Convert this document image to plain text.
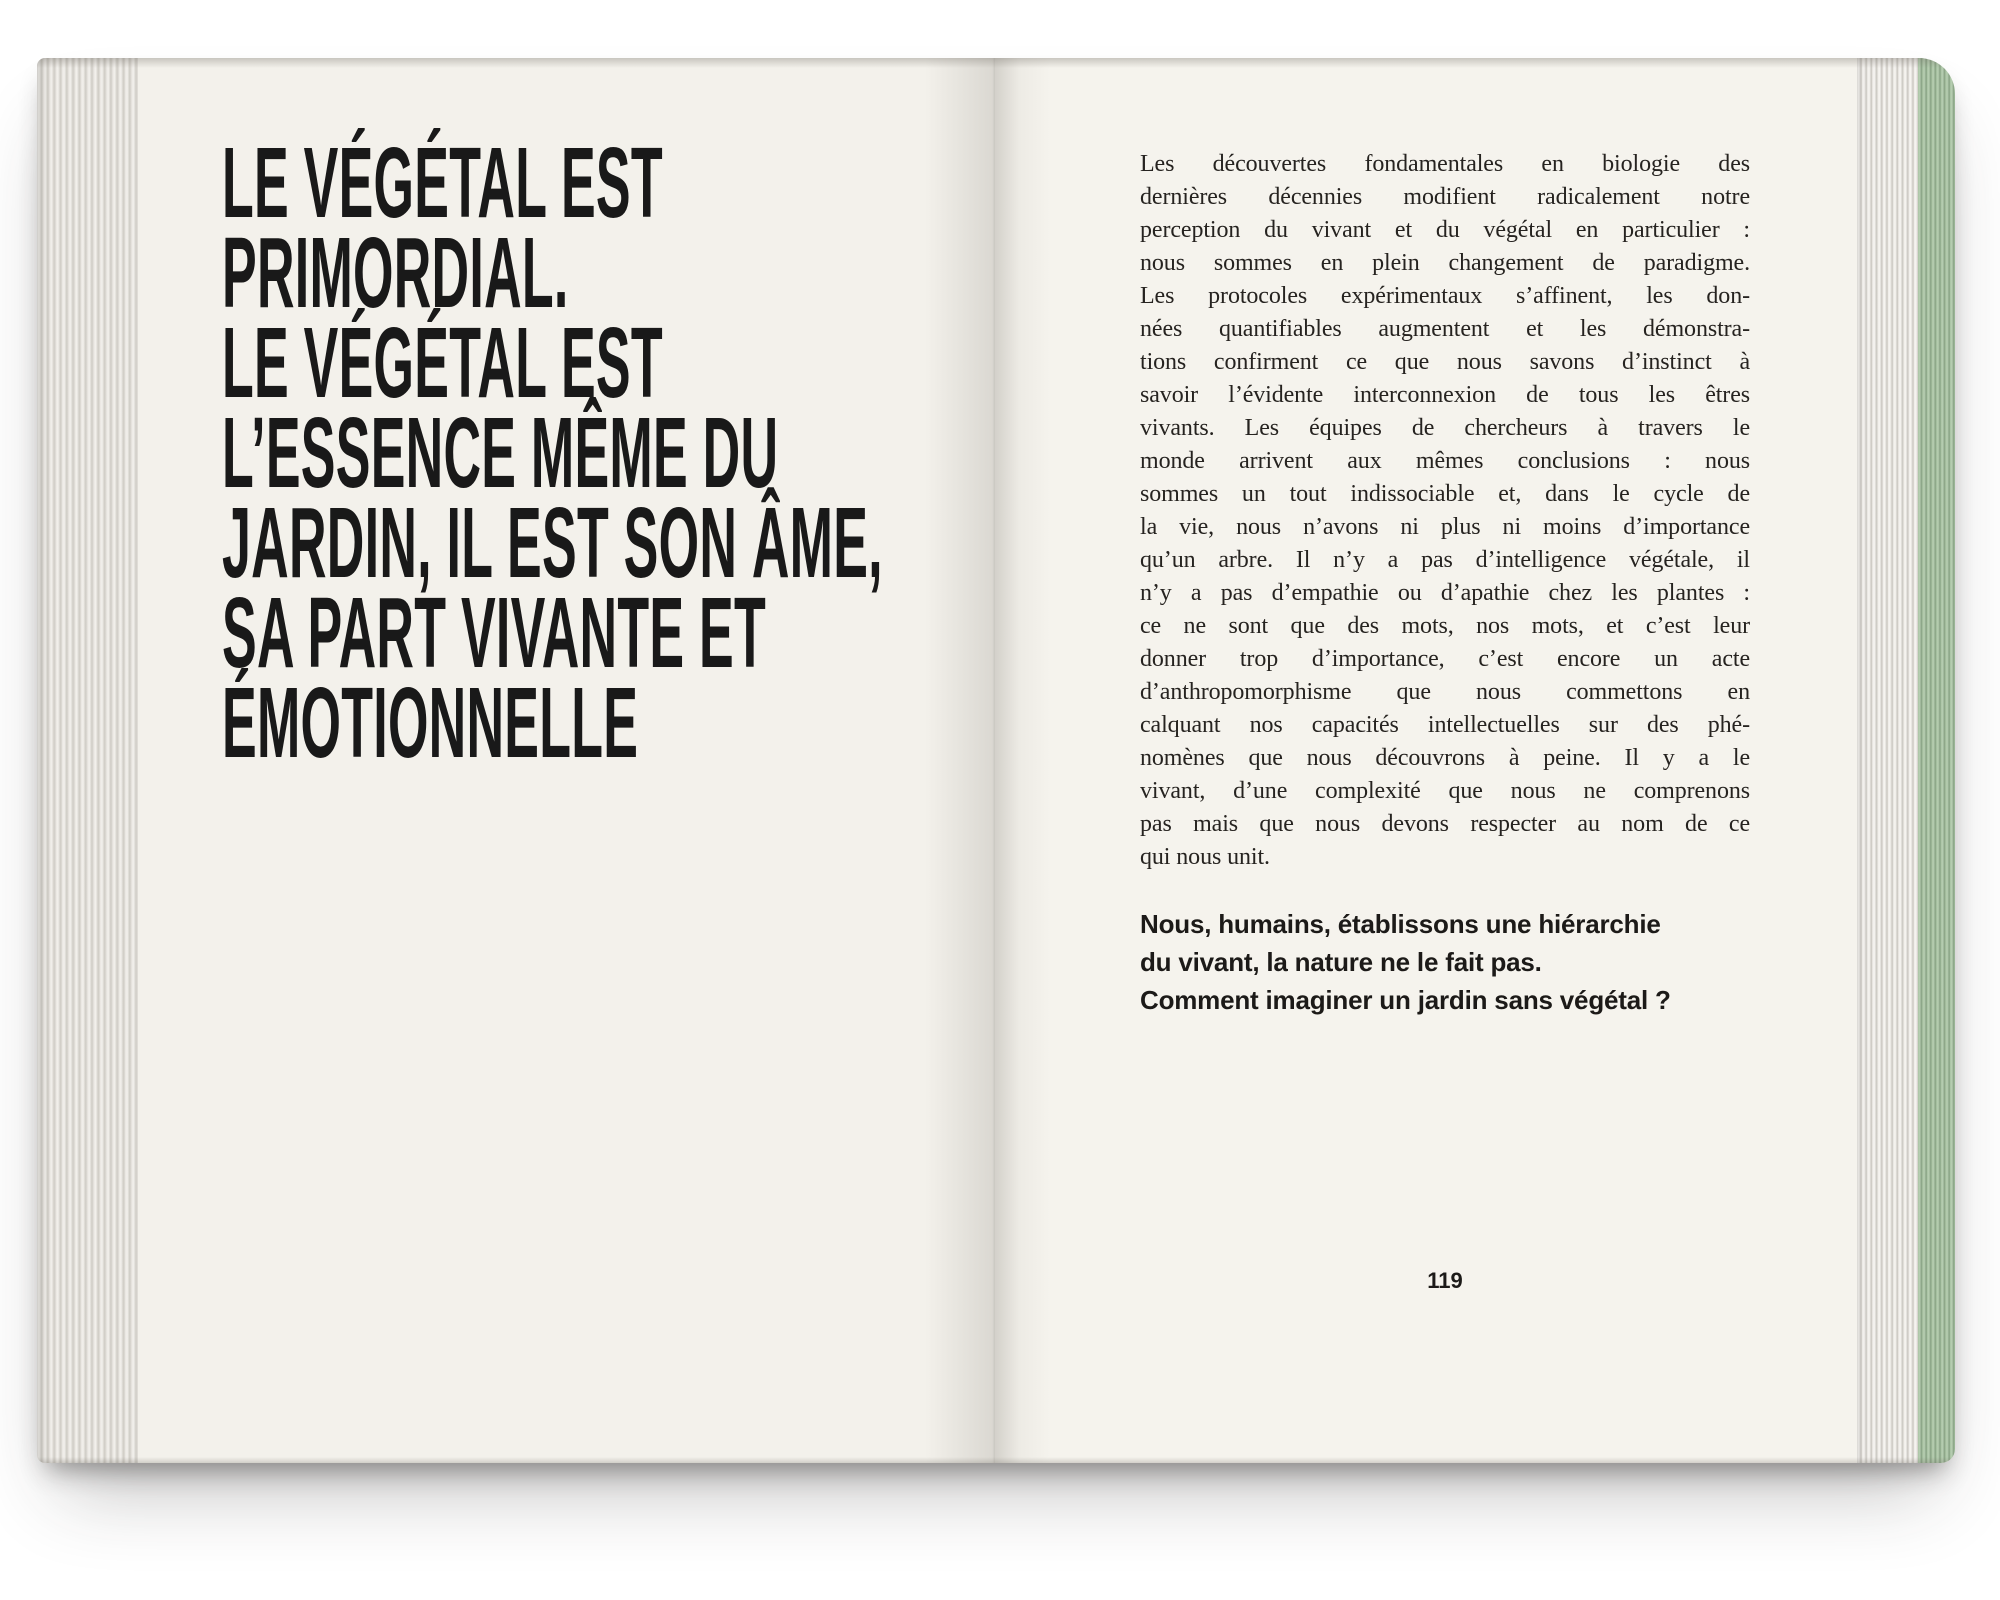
LE VÉGÉTAL EST
PRIMORDIAL.
LE VÉGÉTAL EST
L’ESSENCE MÊME DU
JARDIN, IL EST SON ÂME,
SA PART VIVANTE ET
ÉMOTIONNELLE
Les découvertes fondamentales en biologie des
dernières décennies modifient radicalement notre
perception du vivant et du végétal en particulier :
nous sommes en plein changement de paradigme.
Les protocoles expérimentaux s’affinent, les don-
nées quantifiables augmentent et les démonstra-
tions confirment ce que nous savons d’instinct à
savoir l’évidente interconnexion de tous les êtres
vivants. Les équipes de chercheurs à travers le
monde arrivent aux mêmes conclusions : nous
sommes un tout indissociable et, dans le cycle de
la vie, nous n’avons ni plus ni moins d’importance
qu’un arbre. Il n’y a pas d’intelligence végétale, il
n’y a pas d’empathie ou d’apathie chez les plantes :
ce ne sont que des mots, nos mots, et c’est leur
donner trop d’importance, c’est encore un acte
d’anthropomorphisme que nous commettons en
calquant nos capacités intellectuelles sur des phé-
nomènes que nous découvrons à peine. Il y a le
vivant, d’une complexité que nous ne comprenons
pas mais que nous devons respecter au nom de ce
qui nous unit.
Nous, humains, établissons une hiérarchie
du vivant, la nature ne le fait pas.
Comment imaginer un jardin sans végétal ?
119
